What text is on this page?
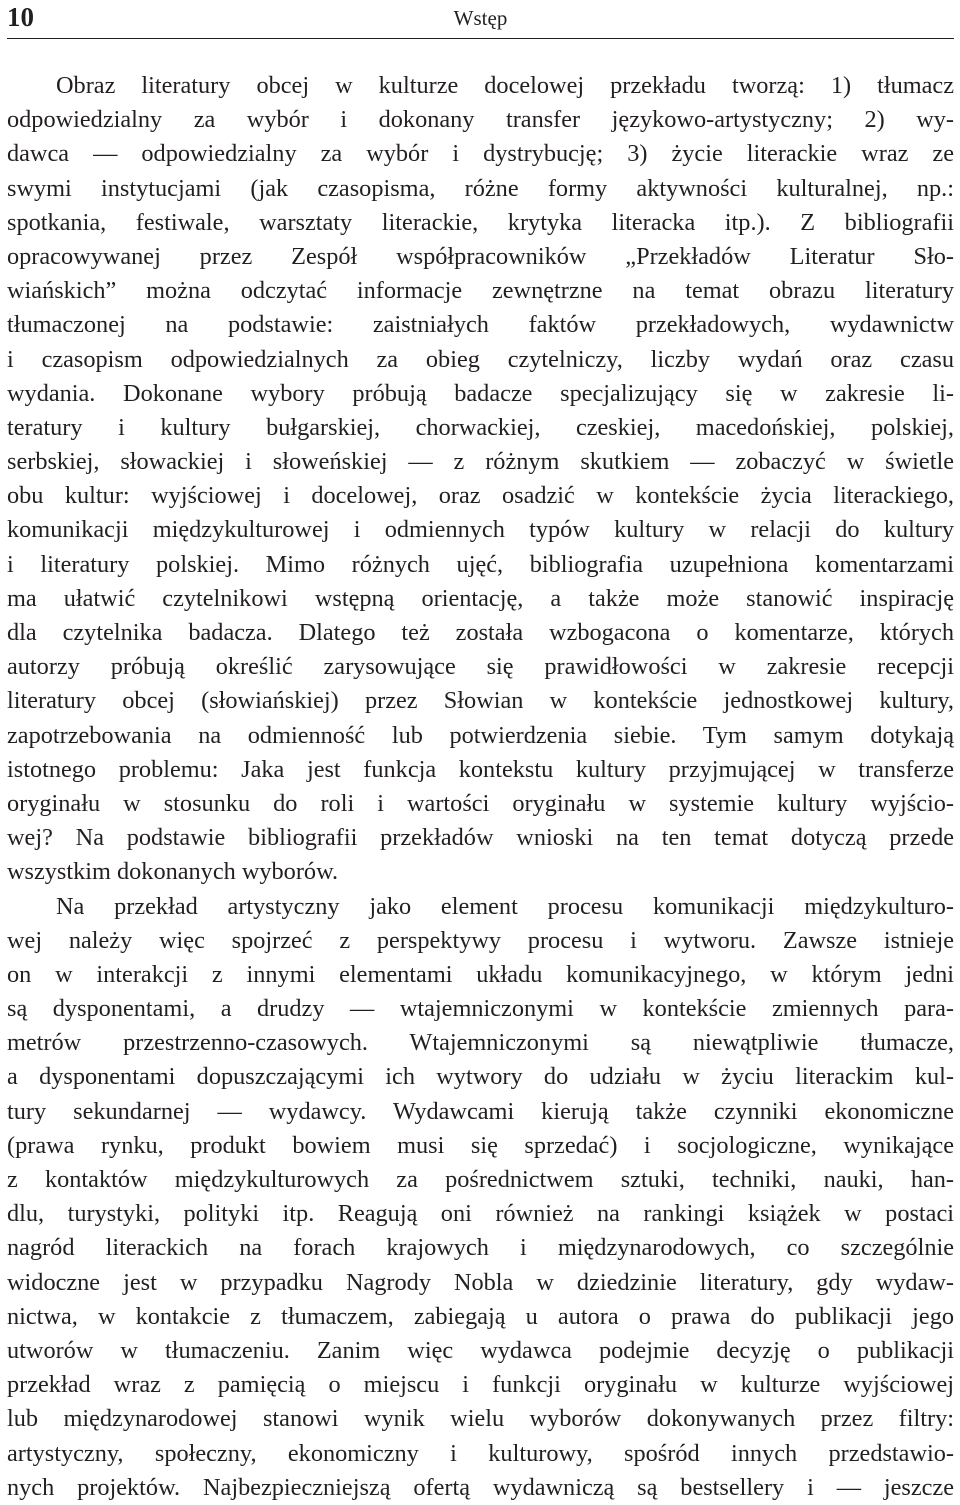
10	Wstęp
Obraz literatury obcej w kulturze docelowej przekładu tworzą: 1) tłumacz
odpowiedzialny za wybór i dokonany transfer językowo-artystyczny; 2) wy-
dawca — odpowiedzialny za wybór i dystrybucję; 3) życie literackie wraz ze
swymi instytucjami (jak czasopisma, różne formy aktywności kulturalnej, np.:
spotkania, festiwale, warsztaty literackie, krytyka literacka itp.). Z bibliografii
opracowywanej przez Zespół współpracowników „Przekładów Literatur Sło-
wiańskich” można odczytać informacje zewnętrzne na temat obrazu literatury
tłumaczonej na podstawie: zaistniałych faktów przekładowych, wydawnictw
i czasopism odpowiedzialnych za obieg czytelniczy, liczby wydań oraz czasu
wydania. Dokonane wybory próbują badacze specjalizujący się w zakresie li-
teratury i kultury bułgarskiej, chorwackiej, czeskiej, macedońskiej, polskiej,
serbskiej, słowackiej i słoweńskiej — z różnym skutkiem — zobaczyć w świetle
obu kultur: wyjściowej i docelowej, oraz osadzić w kontekście życia literackiego,
komunikacji międzykulturowej i odmiennych typów kultury w relacji do kultury
i literatury polskiej. Mimo różnych ujęć, bibliografia uzupełniona komentarzami
ma ułatwić czytelnikowi wstępną orientację, a także może stanowić inspirację
dla czytelnika badacza. Dlatego też została wzbogacona o komentarze, których
autorzy próbują określić zarysowujące się prawidłowości w zakresie recepcji
literatury obcej (słowiańskiej) przez Słowian w kontekście jednostkowej kultury,
zapotrzebowania na odmienność lub potwierdzenia siebie. Tym samym dotykają
istotnego problemu: Jaka jest funkcja kontekstu kultury przyjmującej w transferze
oryginału w stosunku do roli i wartości oryginału w systemie kultury wyjścio-
wej? Na podstawie bibliografii przekładów wnioski na ten temat dotyczą przede
wszystkim dokonanych wyborów.
Na przekład artystyczny jako element procesu komunikacji międzykulturo-
wej należy więc spojrzeć z perspektywy procesu i wytworu. Zawsze istnieje
on w interakcji z innymi elementami układu komunikacyjnego, w którym jedni
są dysponentami, a drudzy — wtajemniczonymi w kontekście zmiennych para-
metrów przestrzenno-czasowych. Wtajemniczonymi są niewątpliwie tłumacze,
a dysponentami dopuszczającymi ich wytwory do udziału w życiu literackim kul-
tury sekundarnej — wydawcy. Wydawcami kierują także czynniki ekonomiczne
(prawa rynku, produkt bowiem musi się sprzedać) i socjologiczne, wynikające
z kontaktów międzykulturowych za pośrednictwem sztuki, techniki, nauki, han-
dlu, turystyki, polityki itp. Reagują oni również na rankingi książek w postaci
nagród literackich na forach krajowych i międzynarodowych, co szczególnie
widoczne jest w przypadku Nagrody Nobla w dziedzinie literatury, gdy wydaw-
nictwa, w kontakcie z tłumaczem, zabiegają u autora o prawa do publikacji jego
utworów w tłumaczeniu. Zanim więc wydawca podejmie decyzję o publikacji
przekład wraz z pamięcią o miejscu i funkcji oryginału w kulturze wyjściowej
lub międzynarodowej stanowi wynik wielu wyborów dokonywanych przez filtry:
artystyczny, społeczny, ekonomiczny i kulturowy, spośród innych przedstawio-
nych projektów. Najbezpieczniejszą ofertą wydawniczą są bestsellery i — jeszcze
